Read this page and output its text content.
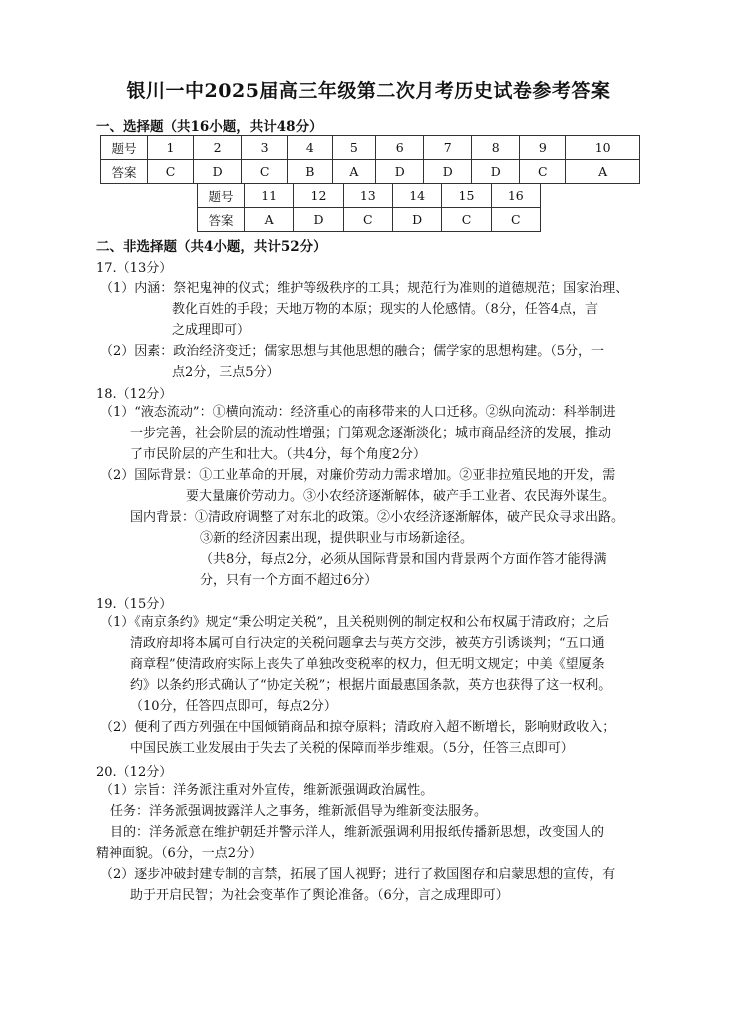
银川一中2025届高三年级第二次月考历史试卷参考答案
一、选择题（共16小题，共计48分）
题号	1	2	3	4	5	6	7	8	9	10
答案	C	D	C	B	A	D	D	D	C	A
题号	11	12	13	14	15	16
答案	A	D	C	D	C	C
二、非选择题（共4小题，共计52分）
17.（13分）
（1）内涵：祭祀鬼神的仪式；维护等级秩序的工具；规范行为准则的道德规范；国家治理、
教化百姓的手段；天地万物的本原；现实的人伦感情。（8分，任答4点，言
之成理即可）
（2）因素：政治经济变迁；儒家思想与其他思想的融合；儒学家的思想构建。（5分，一
点2分，三点5分）
18.（12分）
（1）“液态流动”：①横向流动：经济重心的南移带来的人口迁移。②纵向流动：科举制进
一步完善，社会阶层的流动性增强；门第观念逐渐淡化；城市商品经济的发展，推动
了市民阶层的产生和壮大。（共4分，每个角度2分）
（2）国际背景：①工业革命的开展，对廉价劳动力需求增加。②亚非拉殖民地的开发，需
要大量廉价劳动力。③小农经济逐渐解体，破产手工业者、农民海外谋生。
国内背景：①清政府调整了对东北的政策。②小农经济逐渐解体，破产民众寻求出路。
③新的经济因素出现，提供职业与市场新途径。
（共8分，每点2分，必须从国际背景和国内背景两个方面作答才能得满
分，只有一个方面不超过6分）
19.（15分）
（1）《南京条约》规定“秉公明定关税”，且关税则例的制定权和公布权属于清政府；之后
清政府却将本属可自行决定的关税问题拿去与英方交涉，被英方引诱谈判；“五口通
商章程”使清政府实际上丧失了单独改变税率的权力，但无明文规定；中美《望厦条
约》以条约形式确认了“协定关税”；根据片面最惠国条款，英方也获得了这一权利。
（10分，任答四点即可，每点2分）
（2）便利了西方列强在中国倾销商品和掠夺原料；清政府入超不断增长，影响财政收入；
中国民族工业发展由于失去了关税的保障而举步维艰。（5分，任答三点即可）
20.（12分）
（1）宗旨：洋务派注重对外宣传，维新派强调政治属性。
任务：洋务派强调披露洋人之事务，维新派倡导为维新变法服务。
目的：洋务派意在维护朝廷并警示洋人，维新派强调利用报纸传播新思想，改变国人的
精神面貌。（6分，一点2分）
（2）逐步冲破封建专制的言禁，拓展了国人视野；进行了救国图存和启蒙思想的宣传，有
助于开启民智；为社会变革作了舆论准备。（6分，言之成理即可）
